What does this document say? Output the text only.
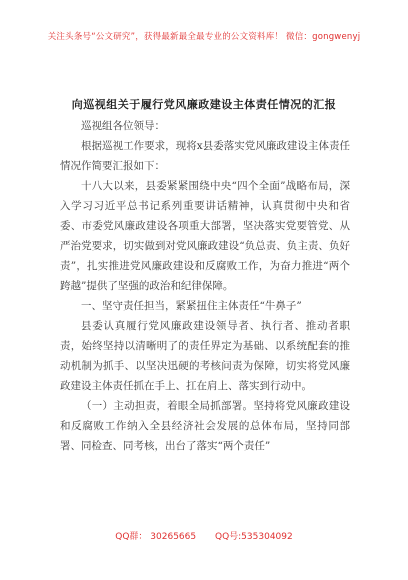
关注头条号“公文研究”，获得最新最全最专业的公文资料库！ 微信：gongwenyj
向巡视组关于履行党风廉政建设主体责任情况的汇报

巡视组各位领导：

根据巡视工作要求，现将x县委落实党风廉政建设主体责任情况作简要汇报如下：

十八大以来，县委紧紧围绕中央“四个全面”战略布局，深入学习习近平总书记系列重要讲话精神，认真贯彻中央和省委、市委党风廉政建设各项重大部署，坚决落实党要管党、从严治党要求，切实做到对党风廉政建设“负总责、负主责、负好责”，扎实推进党风廉政建设和反腐败工作，为奋力推进“两个跨越”提供了坚强的政治和纪律保障。

一、坚守责任担当，紧紧扭住主体责任“牛鼻子”

县委认真履行党风廉政建设领导者、执行者、推动者职责，始终坚持以清晰明了的责任界定为基础、以系统配套的推动机制为抓手、以坚决迅硬的考核问责为保障，切实将党风廉政建设主体责任抓在手上、扛在肩上、落实到行动中。

（一）主动担责，着眼全局抓部署。坚持将党风廉政建设和反腐败工作纳入全县经济社会发展的总体布局，坚持同部署、同检查、同考核，出台了落实“两个责任”

QQ群： 30265665 QQ号:535304092
